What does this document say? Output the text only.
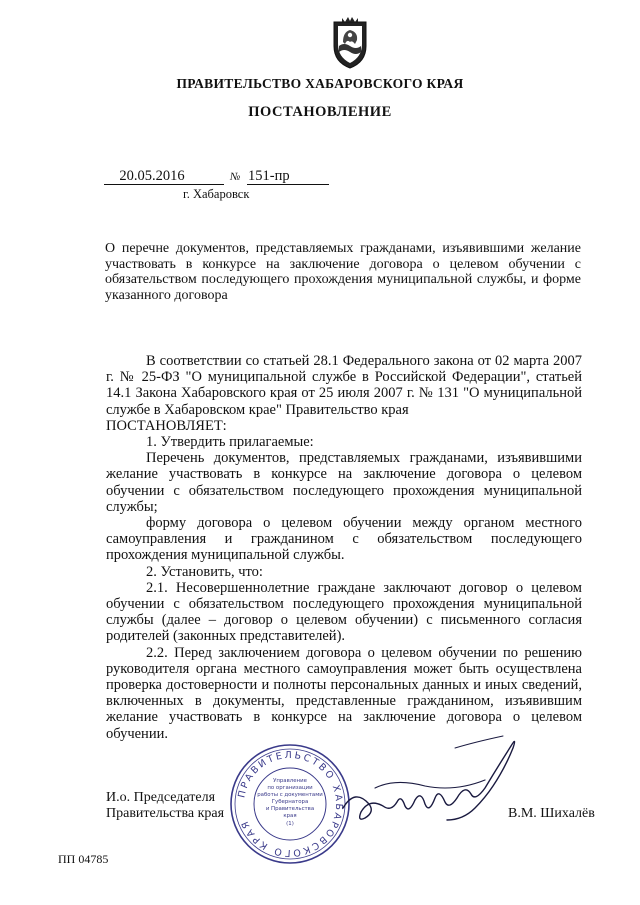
ПРАВИТЕЛЬСТВО ХАБАРОВСКОГО КРАЯ
ПОСТАНОВЛЕНИЕ
20.05.2016	№ 151-пр
г. Хабаровск
О перечне документов, представляемых гражданами, изъявившими желание участвовать в конкурсе на заключение договора о целевом обучении с обязательством последующего прохождения муниципальной службы, и форме указанного договора

В соответствии со статьей 28.1 Федерального закона от 02 марта 2007 г. № 25-ФЗ "О муниципальной службе в Российской Федерации", статьей 14.1 Закона Хабаровского края от 25 июля 2007 г. № 131 "О муниципальной службе в Хабаровском крае" Правительство края

ПОСТАНОВЛЯЕТ:

1. Утвердить прилагаемые:

Перечень документов, представляемых гражданами, изъявившими желание участвовать в конкурсе на заключение договора о целевом обучении с обязательством последующего прохождения муниципальной службы;

форму договора о целевом обучении между органом местного самоуправления и гражданином с обязательством последующего прохождения муниципальной службы.

2. Установить, что:

2.1. Несовершеннолетние граждане заключают договор о целевом обучении с обязательством последующего прохождения муниципальной службы (далее – договор о целевом обучении) с письменного согласия родителей (законных представителей).

2.2. Перед заключением договора о целевом обучении по решению руководителя органа местного самоуправления может быть осуществлена проверка достоверности и полноты персональных данных и иных сведений, включенных в документы, представленные гражданином, изъявившим желание участвовать в конкурсе на заключение договора о целевом обучении.

И.о. Председателя
Правительства края
ПРАВИТЕЛЬСТВО ХАБАРОВСКОГО КРАЯ
Управление
по организации
работы с документами
Губернатора
и Правительства
края
(1)
В.М. Шихалёв
ПП 04785
